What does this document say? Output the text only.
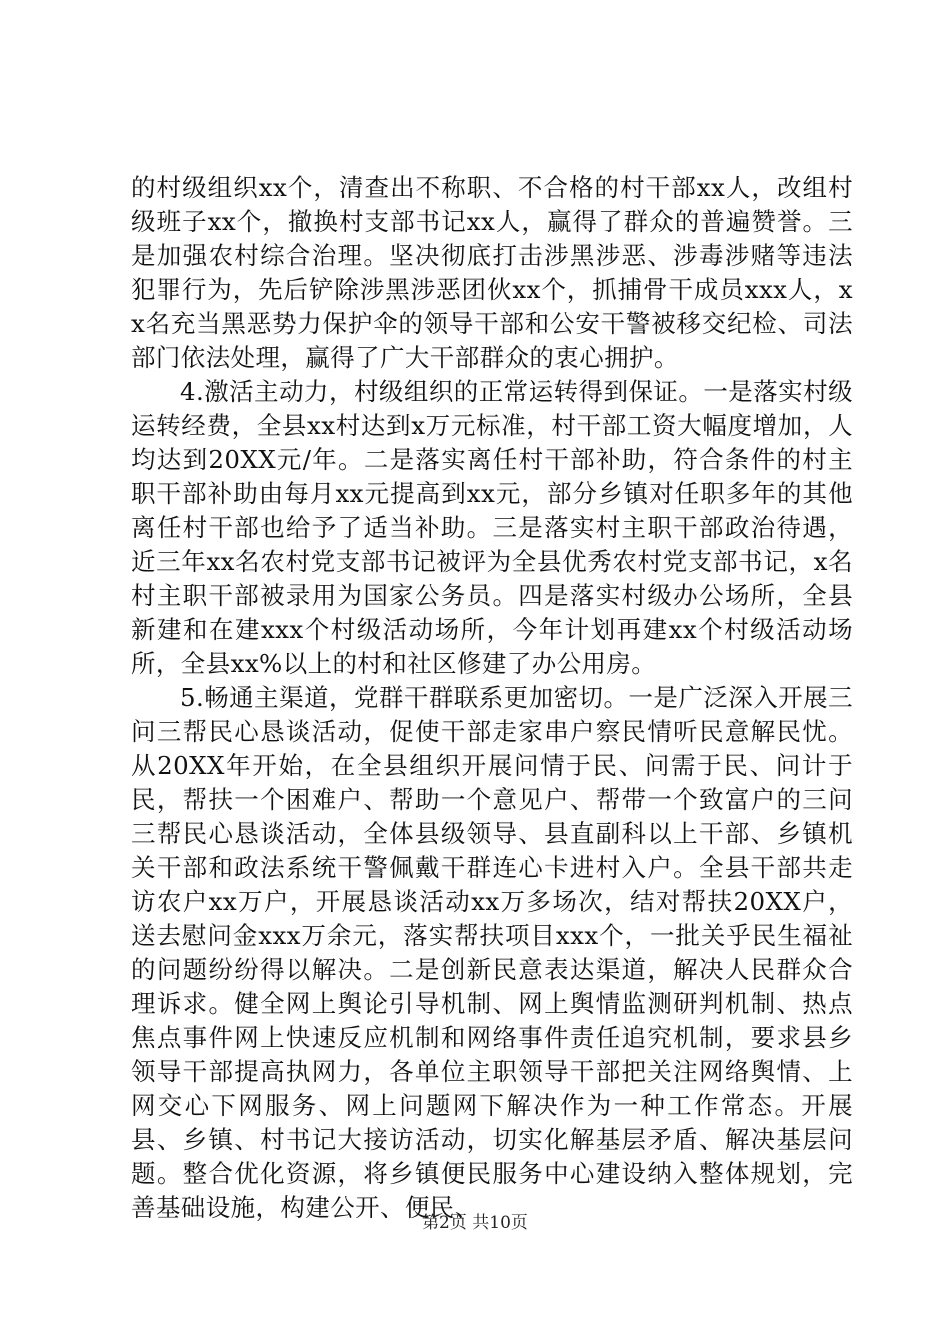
的村级组织xx个，清查出不称职、不合格的村干部xx人，改组村级班子xx个，撤换村支部书记xx人，赢得了群众的普遍赞誉。三是加强农村综合治理。坚决彻底打击涉黑涉恶、涉毒涉赌等违法犯罪行为，先后铲除涉黑涉恶团伙xx个，抓捕骨干成员xxx人，xx名充当黑恶势力保护伞的领导干部和公安干警被移交纪检、司法部门依法处理，赢得了广大干部群众的衷心拥护。

4.激活主动力，村级组织的正常运转得到保证。一是落实村级运转经费，全县xx村达到x万元标准，村干部工资大幅度增加，人均达到20XX元/年。二是落实离任村干部补助，符合条件的村主职干部补助由每月xx元提高到xx元，部分乡镇对任职多年的其他离任村干部也给予了适当补助。三是落实村主职干部政治待遇，近三年xx名农村党支部书记被评为全县优秀农村党支部书记，x名村主职干部被录用为国家公务员。四是落实村级办公场所，全县新建和在建xxx个村级活动场所，今年计划再建xx个村级活动场所，全县xx%以上的村和社区修建了办公用房。

5.畅通主渠道，党群干群联系更加密切。一是广泛深入开展三问三帮民心恳谈活动，促使干部走家串户察民情听民意解民忧。从20XX年开始，在全县组织开展问情于民、问需于民、问计于民，帮扶一个困难户、帮助一个意见户、帮带一个致富户的三问三帮民心恳谈活动，全体县级领导、县直副科以上干部、乡镇机关干部和政法系统干警佩戴干群连心卡进村入户。全县干部共走访农户xx万户，开展恳谈活动xx万多场次，结对帮扶20XX户，送去慰问金xxx万余元，落实帮扶项目xxx个，一批关乎民生福祉的问题纷纷得以解决。二是创新民意表达渠道，解决人民群众合理诉求。健全网上舆论引导机制、网上舆情监测研判机制、热点焦点事件网上快速反应机制和网络事件责任追究机制，要求县乡领导干部提高执网力，各单位主职领导干部把关注网络舆情、上网交心下网服务、网上问题网下解决作为一种工作常态。开展县、乡镇、村书记大接访活动，切实化解基层矛盾、解决基层问题。整合优化资源，将乡镇便民服务中心建设纳入整体规划，完善基础设施，构建公开、便民、

第2页 共10页
